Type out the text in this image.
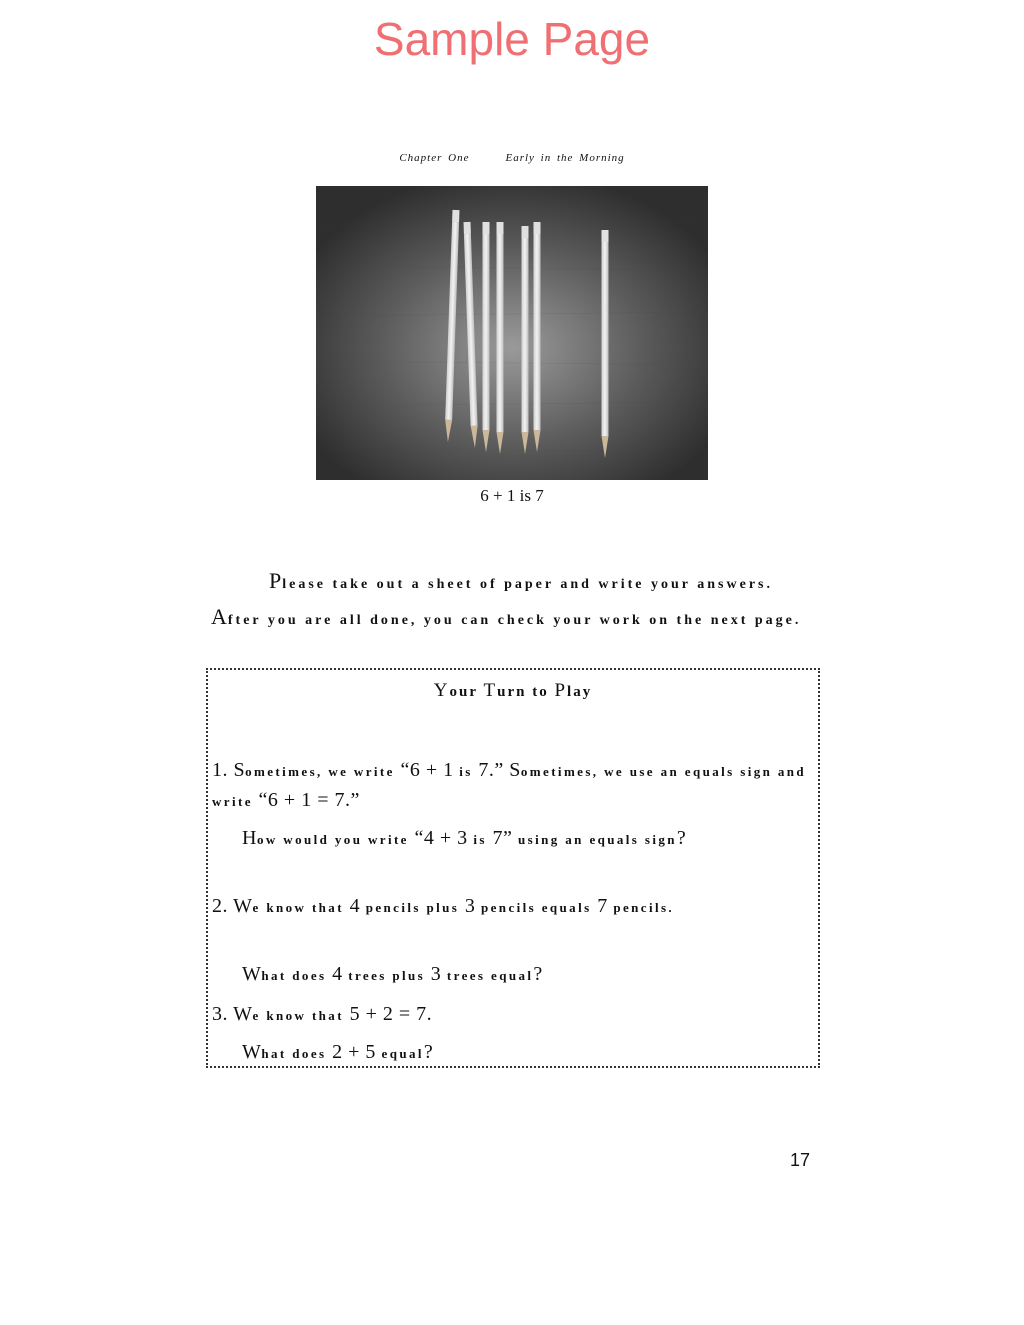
Sample Page
Chapter One	Early in the Morning
6 + 1 is 7

Please take out a sheet of paper and write your answers. After you are all done, you can check your work on the next page.

Your Turn to Play

1. Sometimes, we write “6 + 1 is 7.” Sometimes, we use an equals sign and write “6 + 1 = 7.”

How would you write “4 + 3 is 7” using an equals sign?

2. We know that 4 pencils plus 3 pencils equals 7 pencils.

What does 4 trees plus 3 trees equal?

3. We know that 5 + 2 = 7.

What does 2 + 5 equal?

17
